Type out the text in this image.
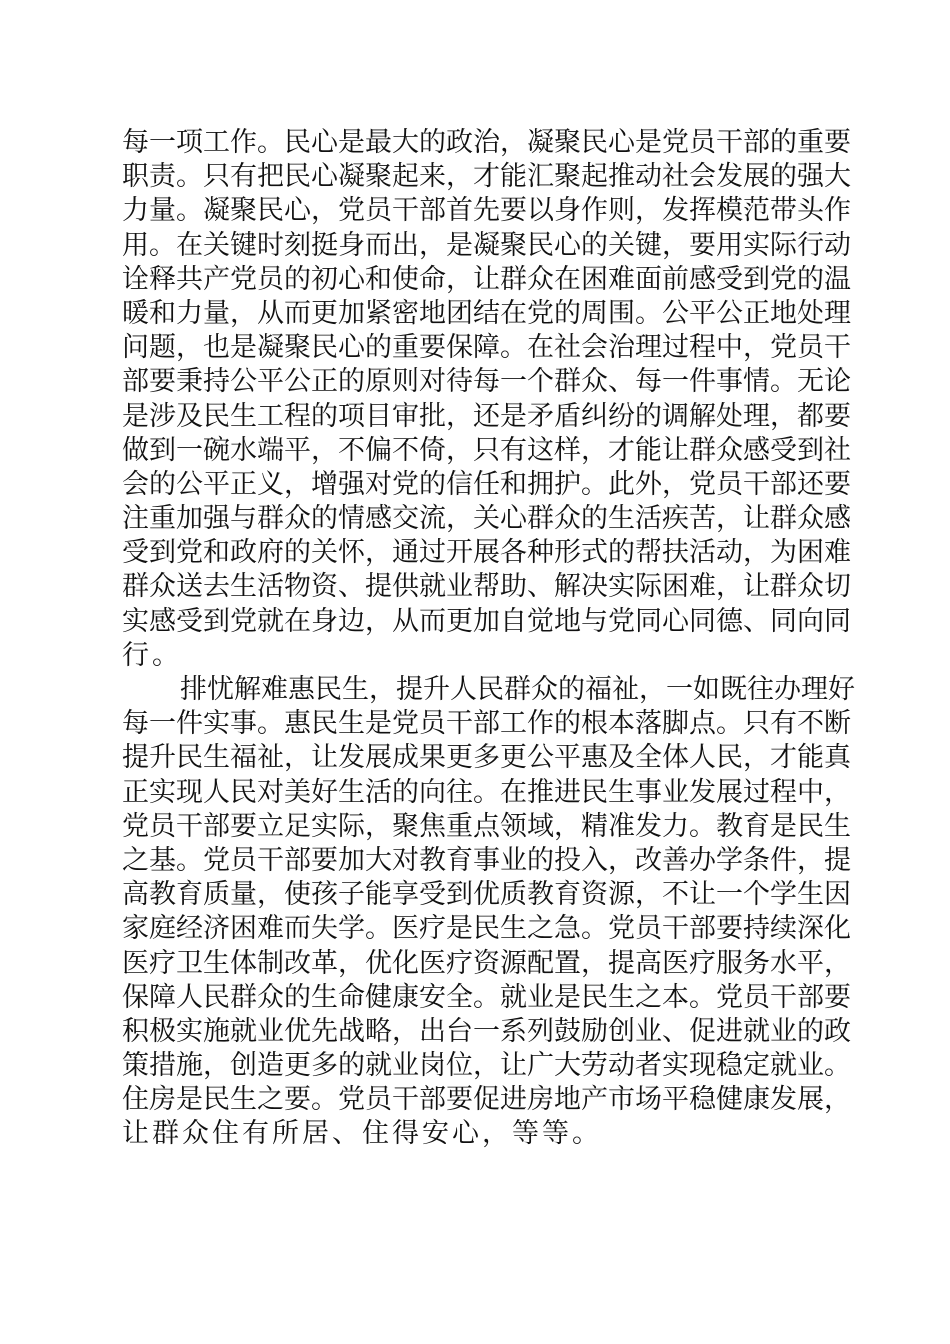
每一项工作。民心是最大的政治，凝聚民心是党员干部的重要
职责。只有把民心凝聚起来，才能汇聚起推动社会发展的强大
力量。凝聚民心，党员干部首先要以身作则，发挥模范带头作
用。在关键时刻挺身而出，是凝聚民心的关键，要用实际行动
诠释共产党员的初心和使命，让群众在困难面前感受到党的温
暖和力量，从而更加紧密地团结在党的周围。公平公正地处理
问题，也是凝聚民心的重要保障。在社会治理过程中，党员干
部要秉持公平公正的原则对待每一个群众、每一件事情。无论
是涉及民生工程的项目审批，还是矛盾纠纷的调解处理，都要
做到一碗水端平，不偏不倚，只有这样，才能让群众感受到社
会的公平正义，增强对党的信任和拥护。此外，党员干部还要
注重加强与群众的情感交流，关心群众的生活疾苦，让群众感
受到党和政府的关怀，通过开展各种形式的帮扶活动，为困难
群众送去生活物资、提供就业帮助、解决实际困难，让群众切
实感受到党就在身边，从而更加自觉地与党同心同德、同向同
行。
排忧解难惠民生，提升人民群众的福祉，一如既往办理好
每一件实事。惠民生是党员干部工作的根本落脚点。只有不断
提升民生福祉，让发展成果更多更公平惠及全体人民，才能真
正实现人民对美好生活的向往。在推进民生事业发展过程中，
党员干部要立足实际，聚焦重点领域，精准发力。教育是民生
之基。党员干部要加大对教育事业的投入，改善办学条件，提
高教育质量，使孩子能享受到优质教育资源，不让一个学生因
家庭经济困难而失学。医疗是民生之急。党员干部要持续深化
医疗卫生体制改革，优化医疗资源配置，提高医疗服务水平，
保障人民群众的生命健康安全。就业是民生之本。党员干部要
积极实施就业优先战略，出台一系列鼓励创业、促进就业的政
策措施，创造更多的就业岗位，让广大劳动者实现稳定就业。
住房是民生之要。党员干部要促进房地产市场平稳健康发展，
让群众住有所居、住得安心，等等。
